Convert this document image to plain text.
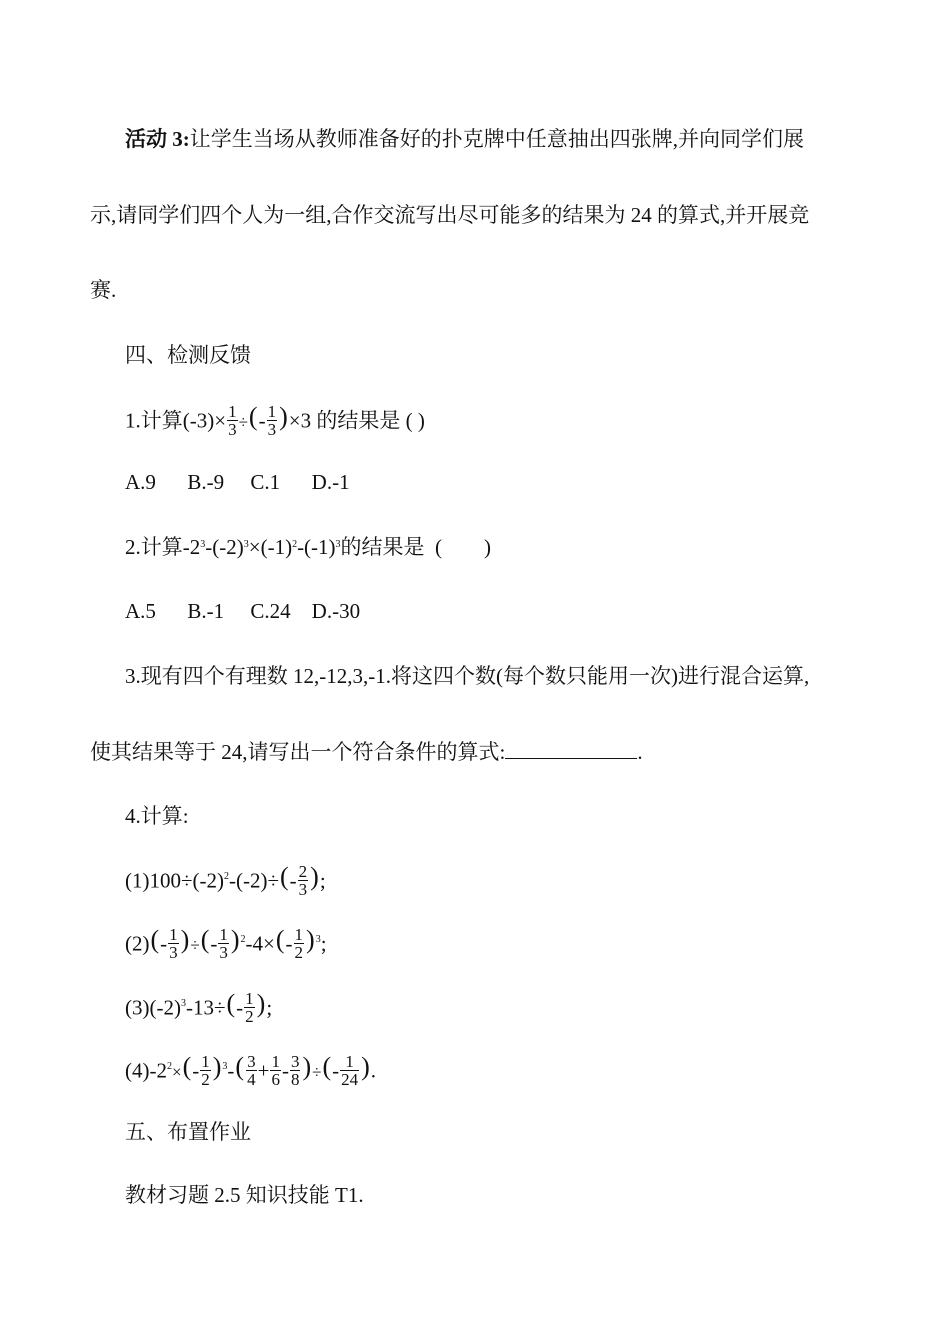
活动 3:让学生当场从教师准备好的扑克牌中任意抽出四张牌,并向同学们展
示,请同学们四个人为一组,合作交流写出尽可能多的结果为 24 的算式,并开展竞
赛.
四、检测反馈
1.计算$(-3)\times \frac{1}{3}$ ÷(- $\frac{1}{3} )\times 3$ 的结果是 ( )
A.9      B.-9     C.1      D.-1
2.计算$-2^3-(-2)^3\times(-1)^2-(-1)^3$的结果是  (        )
A.5      B.-1     C.24    D.-30
3.现有四个有理数 12,-12,3,-1.将这四个数(每个数只能用一次)进行混合运算,
使其结果等于 24,请写出一个符合条件的算式:	.
4.计算:
$(1)100\div(-2)^2-(-2)\div(- \frac{2}{3}$ );
$(2)(- \frac{1}{3}$ )÷(- $\frac{1}{3} )^2-4\times(- \frac{1}{2} )^3$;
$(3)(-2)^3-13\div(- \frac{1}{2}$ );
$(4)-2^2\times(- \frac{1}{2} )^3-( \frac{3}{4} + \frac{1}{6} - \frac{3}{8}$ )÷(- $\frac{1}{24}$ ).
五、布置作业
教材习题 2.5 知识技能 T1.
